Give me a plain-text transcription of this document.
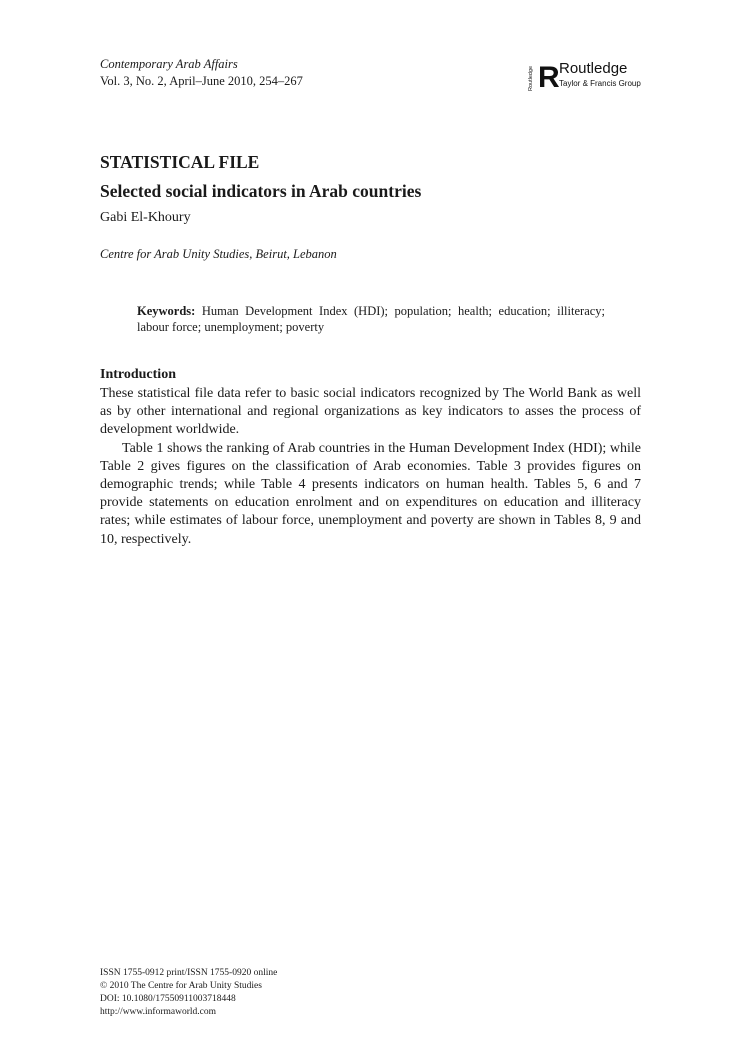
Contemporary Arab Affairs
Vol. 3, No. 2, April–June 2010, 254–267	Routledge R Routledge
Taylor & Francis Group
STATISTICAL FILE
Selected social indicators in Arab countries
Gabi El-Khoury
Centre for Arab Unity Studies, Beirut, Lebanon
Keywords: Human Development Index (HDI); population; health; education; illiteracy; labour force; unemployment; poverty
Introduction

These statistical file data refer to basic social indicators recognized by The World Bank as well as by other international and regional organizations as key indicators to asses the process of development worldwide.

Table 1 shows the ranking of Arab countries in the Human Development Index (HDI); while Table 2 gives figures on the classification of Arab economies. Table 3 provides figures on demographic trends; while Table 4 presents indicators on human health. Tables 5, 6 and 7 provide statements on education enrolment and on expenditures on education and illiteracy rates; while estimates of labour force, unemployment and poverty are shown in Tables 8, 9 and 10, respectively.

ISSN 1755-0912 print/ISSN 1755-0920 online
© 2010 The Centre for Arab Unity Studies
DOI: 10.1080/17550911003718448
http://www.informaworld.com
